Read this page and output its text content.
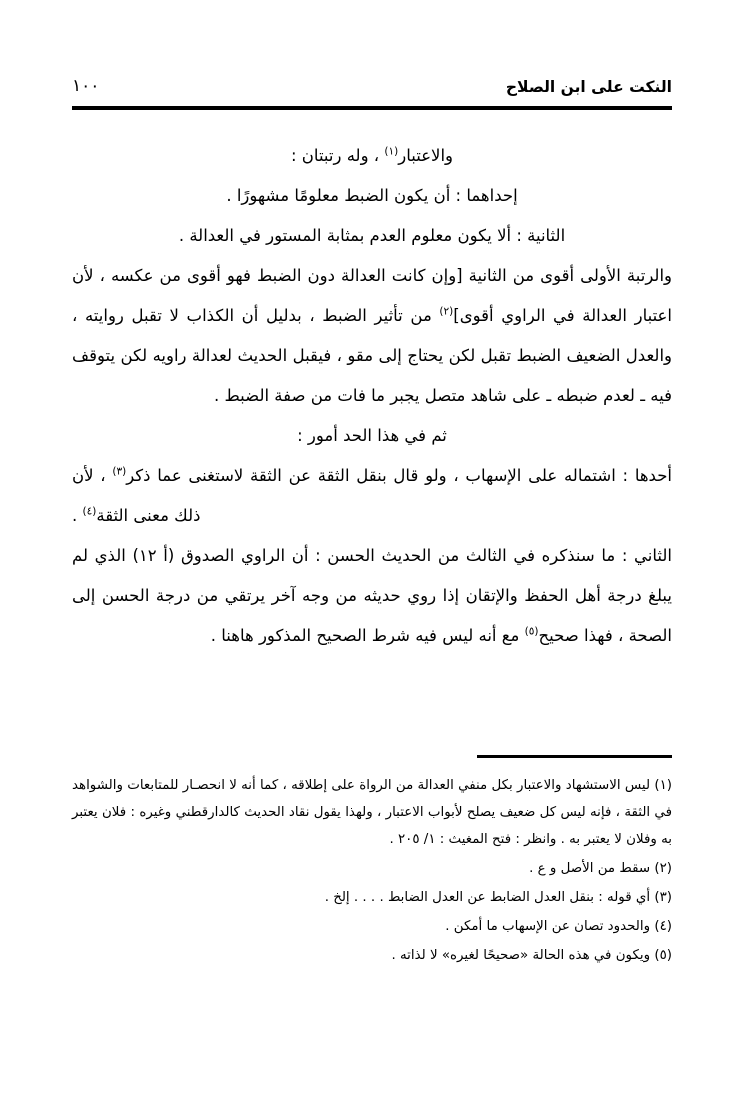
النكت على ابن الصلاح
١٠٠

والاعتبار$^{(١)}$ ، وله رتبتان :

إحداهما : أن يكون الضبط معلومًا مشهورًا .

الثانية : ألا يكون معلوم العدم بمثابة المستور في العدالة .

والرتبة الأولى أقوى من الثانية [وإن كانت العدالة دون الضبط فهو أقوى من عكسه ، لأن اعتبار العدالة في الراوي أقوى]$^{(٢)}$ من تأثير الضبط ، بدليل أن الكذاب لا تقبل روايته ، والعدل الضعيف الضبط تقبل لكن يحتاج إلى مقو ، فيقبل الحديث لعدالة راويه لكن يتوقف فيه ـ لعدم ضبطه ـ على شاهد متصل يجبر ما فات من صفة الضبط .

ثم في هذا الحد أمور :

أحدها : اشتماله على الإسهاب ، ولو قال بنقل الثقة عن الثقة لاستغنى عما ذكر$^{(٣)}$ ، لأن ذلك معنى الثقة$^{(٤)}$ .

الثاني : ما سنذكره في الثالث من الحديث الحسن : أن الراوي الصدوق (أ ١٢) الذي لم يبلغ درجة أهل الحفظ والإتقان إذا روي حديثه من وجه آخر يرتقي من درجة الحسن إلى الصحة ، فهذا صحيح$^{(٥)}$ مع أنه ليس فيه شرط الصحيح المذكور هاهنا .

(١) ليس الاستشهاد والاعتبار بكل منفي العدالة من الرواة على إطلاقه ، كما أنه لا انحصـار للمتابعات والشواهد في الثقة ، فإنه ليس كل ضعيف يصلح لأبواب الاعتبار ، ولهذا يقول نقاد الحديث كالدارقطني وغيره : فلان يعتبر به وفلان لا يعتبر به . وانظر : فتح المغيث : ١/ ٢٠٥ .

(٢) سقط من الأصل و ع .

(٣) أي قوله : بنقل العدل الضابط عن العدل الضابط . . . . إلخ .

(٤) والحدود تصان عن الإسهاب ما أمكن .

(٥) ويكون في هذه الحالة «صحيحًا لغيره» لا لذاته .
